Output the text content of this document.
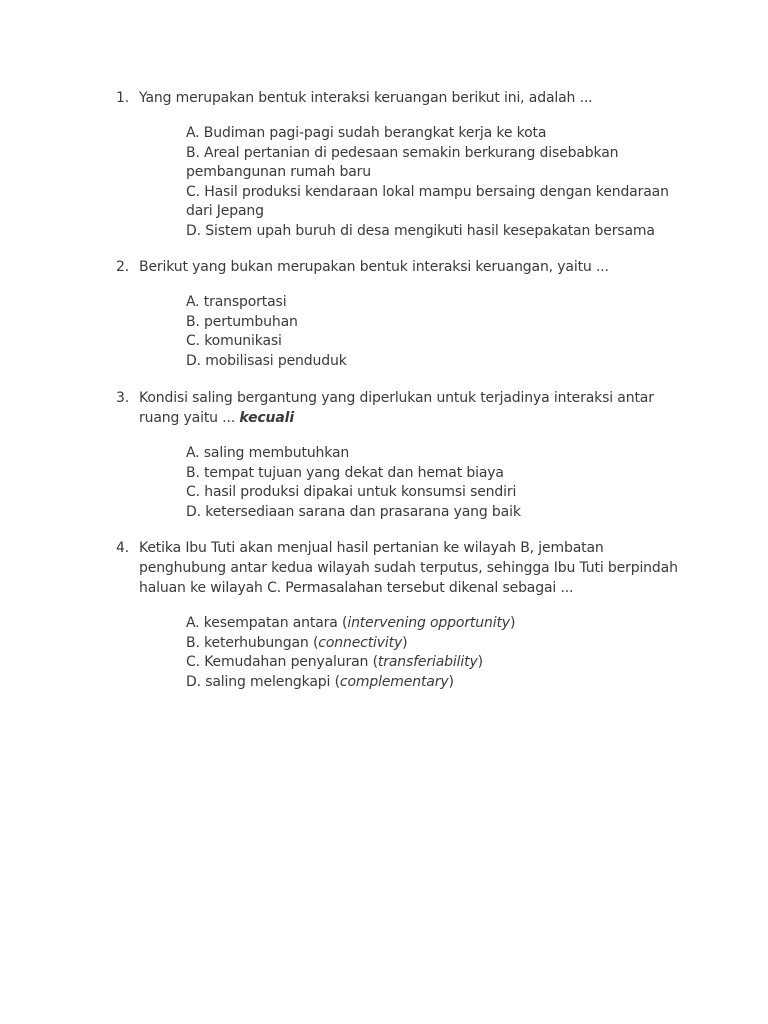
1. Yang merupakan bentuk interaksi keruangan berikut ini, adalah ...
A. Budiman pagi-pagi sudah berangkat kerja ke kota
B. Areal pertanian di pedesaan semakin berkurang disebabkan pembangunan rumah baru
C. Hasil produksi kendaraan lokal mampu bersaing dengan kendaraan dari Jepang
D. Sistem upah buruh di desa mengikuti hasil kesepakatan bersama
2. Berikut yang bukan merupakan bentuk interaksi keruangan, yaitu ...
A. transportasi
B. pertumbuhan
C. komunikasi
D. mobilisasi penduduk
3. Kondisi saling bergantung yang diperlukan untuk terjadinya interaksi antar ruang yaitu ... kecuali
A. saling membutuhkan
B. tempat tujuan yang dekat dan hemat biaya
C. hasil produksi dipakai untuk konsumsi sendiri
D. ketersediaan sarana dan prasarana yang baik
4. Ketika Ibu Tuti akan menjual hasil pertanian ke wilayah B, jembatan penghubung antar kedua wilayah sudah terputus, sehingga Ibu Tuti berpindah haluan ke wilayah C. Permasalahan tersebut dikenal sebagai ...
A. kesempatan antara (intervening opportunity)
B. keterhubungan (connectivity)
C. Kemudahan penyaluran (transferiability)
D. saling melengkapi (complementary)
